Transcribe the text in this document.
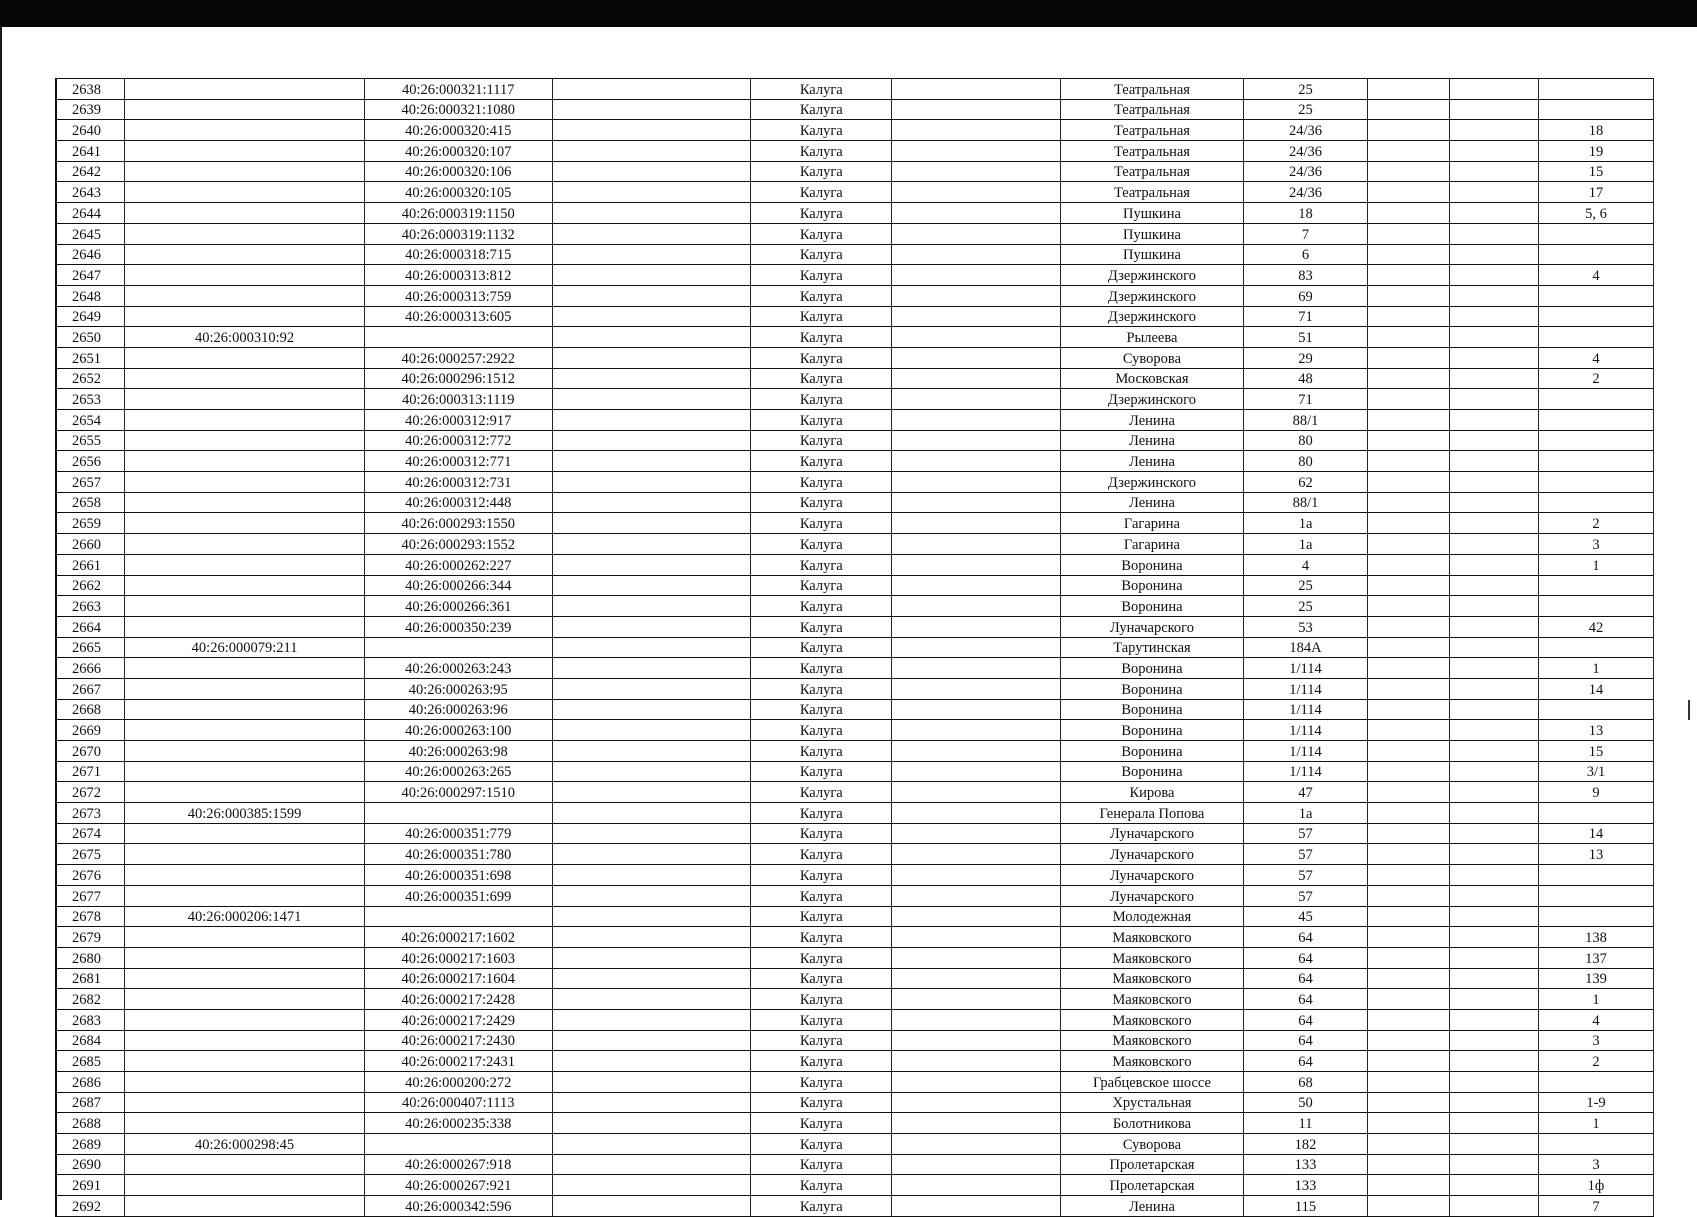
2638		40:26:000321:1117		Калуга		Театральная	25			
2639		40:26:000321:1080		Калуга		Театральная	25			
2640		40:26:000320:415		Калуга		Театральная	24/36			18
2641		40:26:000320:107		Калуга		Театральная	24/36			19
2642		40:26:000320:106		Калуга		Театральная	24/36			15
2643		40:26:000320:105		Калуга		Театральная	24/36			17
2644		40:26:000319:1150		Калуга		Пушкина	18			5, 6
2645		40:26:000319:1132		Калуга		Пушкина	7			
2646		40:26:000318:715		Калуга		Пушкина	6			
2647		40:26:000313:812		Калуга		Дзержинского	83			4
2648		40:26:000313:759		Калуга		Дзержинского	69			
2649		40:26:000313:605		Калуга		Дзержинского	71			
2650	40:26:000310:92			Калуга		Рылеева	51			
2651		40:26:000257:2922		Калуга		Суворова	29			4
2652		40:26:000296:1512		Калуга		Московская	48			2
2653		40:26:000313:1119		Калуга		Дзержинского	71			
2654		40:26:000312:917		Калуга		Ленина	88/1			
2655		40:26:000312:772		Калуга		Ленина	80			
2656		40:26:000312:771		Калуга		Ленина	80			
2657		40:26:000312:731		Калуга		Дзержинского	62			
2658		40:26:000312:448		Калуга		Ленина	88/1			
2659		40:26:000293:1550		Калуга		Гагарина	1a			2
2660		40:26:000293:1552		Калуга		Гагарина	1a			3
2661		40:26:000262:227		Калуга		Воронина	4			1
2662		40:26:000266:344		Калуга		Воронина	25			
2663		40:26:000266:361		Калуга		Воронина	25			
2664		40:26:000350:239		Калуга		Луначарского	53			42
2665	40:26:000079:211			Калуга		Тарутинская	184А			
2666		40:26:000263:243		Калуга		Воронина	1/114			1
2667		40:26:000263:95		Калуга		Воронина	1/114			14
2668		40:26:000263:96		Калуга		Воронина	1/114			
2669		40:26:000263:100		Калуга		Воронина	1/114			13
2670		40:26:000263:98		Калуга		Воронина	1/114			15
2671		40:26:000263:265		Калуга		Воронина	1/114			3/1
2672		40:26:000297:1510		Калуга		Кирова	47			9
2673	40:26:000385:1599			Калуга		Генерала Попова	1a			
2674		40:26:000351:779		Калуга		Луначарского	57			14
2675		40:26:000351:780		Калуга		Луначарского	57			13
2676		40:26:000351:698		Калуга		Луначарского	57			
2677		40:26:000351:699		Калуга		Луначарского	57			
2678	40:26:000206:1471			Калуга		Молодежная	45			
2679		40:26:000217:1602		Калуга		Маяковского	64			138
2680		40:26:000217:1603		Калуга		Маяковского	64			137
2681		40:26:000217:1604		Калуга		Маяковского	64			139
2682		40:26:000217:2428		Калуга		Маяковского	64			1
2683		40:26:000217:2429		Калуга		Маяковского	64			4
2684		40:26:000217:2430		Калуга		Маяковского	64			3
2685		40:26:000217:2431		Калуга		Маяковского	64			2
2686		40:26:000200:272		Калуга		Грабцевское шоссе	68			
2687		40:26:000407:1113		Калуга		Хрустальная	50			1-9
2688		40:26:000235:338		Калуга		Болотникова	11			1
2689	40:26:000298:45			Калуга		Суворова	182			
2690		40:26:000267:918		Калуга		Пролетарская	133			3
2691		40:26:000267:921		Калуга		Пролетарская	133			1ф
2692		40:26:000342:596		Калуга		Ленина	115			7
